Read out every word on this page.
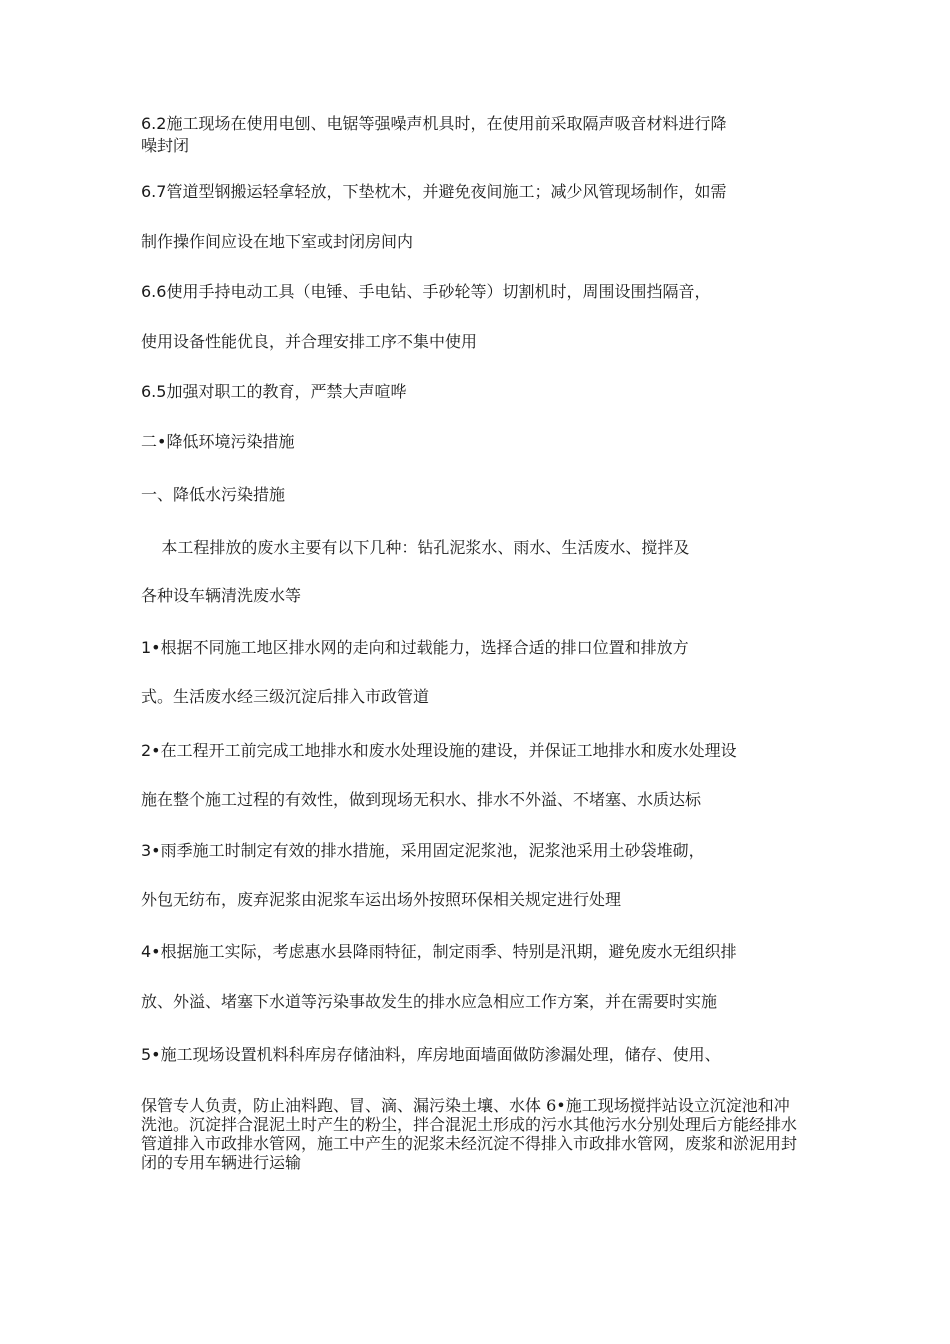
6.2施工现场在使用电刨、电锯等强噪声机具时，在使用前采取隔声吸音材料进行降
噪封闭
6.7管道型钢搬运轻拿轻放，下垫枕木，并避免夜间施工；减少风管现场制作，如需
制作操作间应设在地下室或封闭房间内
6.6使用手持电动工具（电锤、手电钻、手砂轮等）切割机时，周围设围挡隔音，
使用设备性能优良，并合理安排工序不集中使用
6.5加强对职工的教育，严禁大声喧哗
二•降低环境污染措施
一、降低水污染措施
本工程排放的废水主要有以下几种：钻孔泥浆水、雨水、生活废水、搅拌及
各种设车辆清洗废水等
1•根据不同施工地区排水网的走向和过载能力，选择合适的排口位置和排放方
式。生活废水经三级沉淀后排入市政管道
2•在工程开工前完成工地排水和废水处理设施的建设，并保证工地排水和废水处理设
施在整个施工过程的有效性，做到现场无积水、排水不外溢、不堵塞、水质达标
3•雨季施工时制定有效的排水措施，采用固定泥浆池，泥浆池采用土砂袋堆砌，
外包无纺布，废弃泥浆由泥浆车运出场外按照环保相关规定进行处理
4•根据施工实际，考虑惠水县降雨特征，制定雨季、特别是汛期，避免废水无组织排
放、外溢、堵塞下水道等污染事故发生的排水应急相应工作方案，并在需要时实施
5•施工现场设置机料科库房存储油料，库房地面墙面做防渗漏处理，储存、使用、
保管专人负责，防止油料跑、冒、滴、漏污染土壤、水体 6•施工现场搅拌站设立沉淀池和冲洗池。沉淀拌合混泥土时产生的粉尘，拌合混泥土形成的污水其他污水分别处理后方能经排水管道排入市政排水管网，施工中产生的泥浆未经沉淀不得排入市政排水管网，废浆和淤泥用封闭的专用车辆进行运输
